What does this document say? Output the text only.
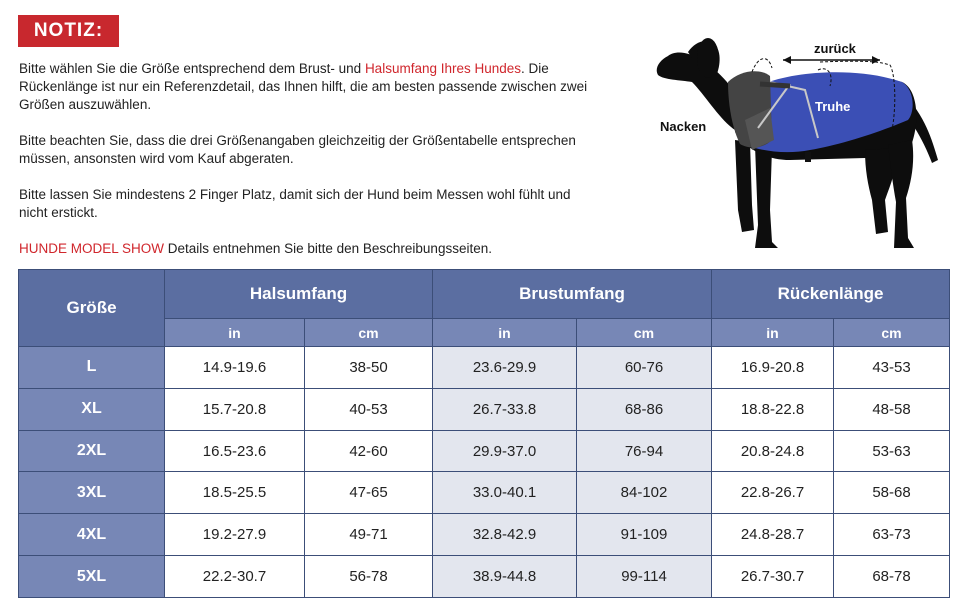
NOTIZ:

Bitte wählen Sie die Größe entsprechend dem Brust- und Halsumfang Ihres Hundes. Die Rückenlänge ist nur ein Referenzdetail, das Ihnen hilft, die am besten passende zwischen zwei Größen auszuwählen.

Bitte beachten Sie, dass die drei Größenangaben gleichzeitig der Größentabelle entsprechen müssen, ansonsten wird vom Kauf abgeraten.

Bitte lassen Sie mindestens 2 Finger Platz, damit sich der Hund beim Messen wohl fühlt und nicht erstickt.

HUNDE MODEL SHOW Details entnehmen Sie bitte den Beschreibungsseiten.

zurück
Truhe
Nacken
Größe	Halsumfang		Brustumfang		Rückenlänge	
	in	cm	in	cm	in	cm
L	14.9-19.6	38-50	23.6-29.9	60-76	16.9-20.8	43-53
XL	15.7-20.8	40-53	26.7-33.8	68-86	18.8-22.8	48-58
2XL	16.5-23.6	42-60	29.9-37.0	76-94	20.8-24.8	53-63
3XL	18.5-25.5	47-65	33.0-40.1	84-102	22.8-26.7	58-68
4XL	19.2-27.9	49-71	32.8-42.9	91-109	24.8-28.7	63-73
5XL	22.2-30.7	56-78	38.9-44.8	99-114	26.7-30.7	68-78
